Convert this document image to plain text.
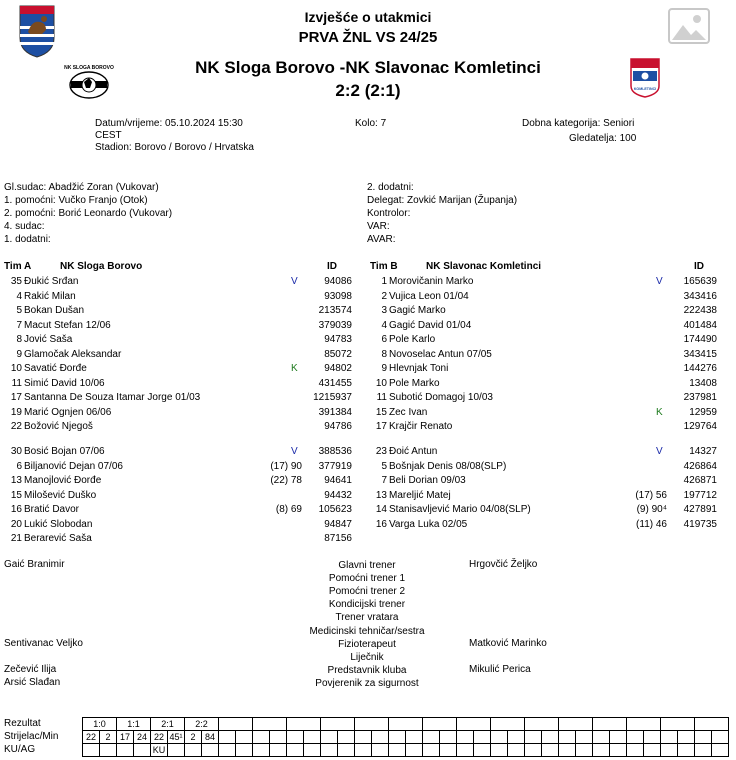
Izvješće o utakmici
PRVA ŽNL VS 24/25
NK Sloga Borovo -NK Slavonac Komletinci
2:2 (2:1)
NK SLOGA BOROVO
KOMLETINCI
Datum/vrijeme: 05.10.2024 15:30
CEST
Stadion: Borovo / Borovo / Hrvatska
Kolo: 7	Dobna kategorija: Seniori
Gledatelja: 100
Gl.sudac: Abadžić Zoran (Vukovar)
1. pomoćni: Vučko Franjo (Otok)
2. pomoćni: Borić Leonardo (Vukovar)
4. sudac:
1. dodatni:
2. dodatni:
Delegat: Zovkić Marijan (Županja)
Kontrolor:
VAR:
AVAR:
Tim A	NK Sloga Borovo	ID	Tim B	NK Slavonac Komletinci	ID
35 Đukić Srđan	V	94086
4 Rakić Milan	93098
5 Bokan Dušan	213574
7 Macut Stefan 12/06	379039
8 Jović Saša	94783
9 Glamočak Aleksandar	85072
10 Savatić Đorđe	K	94802
11 Simić David 10/06	431455
17 Santanna De Souza Itamar Jorge 01/03	1215937
19 Marić Ognjen 06/06	391384
22 Božović Njegoš	94786
30 Bosić Bojan 07/06	V 388536
6 Biljanović Dejan 07/06	(17) 90 377919
13 Manojlović Đorđe	(22) 78 94641
15 Milošević Duško	94432
16 Bratić Davor	(8) 69 105623
20 Lukić Slobodan	94847
21 Berarević Saša	87156
1 Morovičanin Marko	V 165639
2 Vujica Leon 01/04	343416
3 Gagić Marko	222438
4 Gagić David 01/04	401484
6 Pole Karlo	174490
8 Novoselac Antun 07/05	343415
9 Hlevnjak Toni	144276
10 Pole Marko	13408
11 Subotić Domagoj 10/03	237981
15 Zec Ivan	K	12959
17 Krajčir Renato	129764
23 Đoić Antun	V	14327
5 Bošnjak Denis 08/08(SLP)	426864
7 Beli Dorian 09/03	426871
13 Mareljić Matej	(17) 56 197712
14 Stanisavljević Mario 04/08(SLP)	(9) 90⁴ 427891
16 Varga Luka 02/05	(11) 46 419735
Glavni trener
Gaić Branimir	Hrgovčić Željko
Pomoćni trener 1
Pomoćni trener 2
Kondicijski trener
Trener vratara
Medicinski tehničar/sestra
Fizioterapeut
Sentivanac Veljko	Matković Marinko
Liječnik
Predstavnik kluba
Zečević Ilija	Mikulić Perica
Povjerenik za sigurnost
Arsić Slađan
Rezultat
Strijelac/Min
KU/AG
1:0		1:1		2:1		2:2																															
22	2	17	24	22	45¹	2	84																														
				KU																																	
